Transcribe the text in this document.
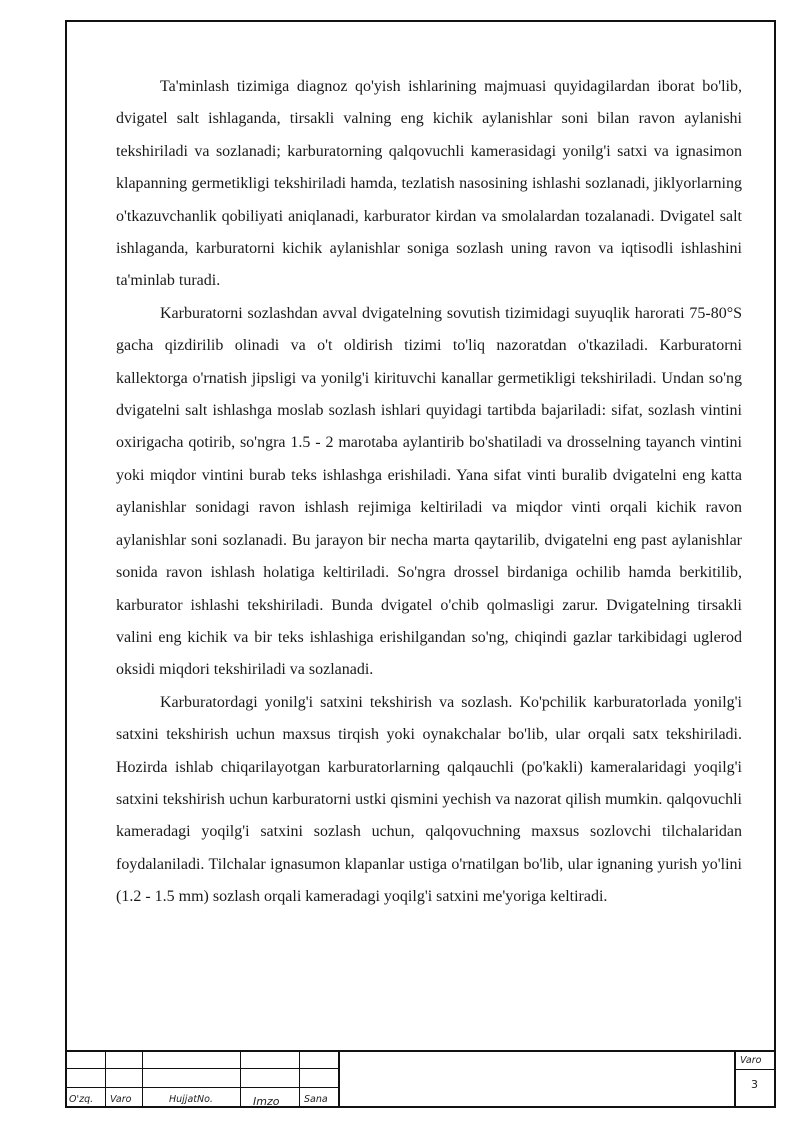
Ta'minlash tizimiga diagnoz qo'yish ishlarining majmuasi quyidagilardan iborat bo'lib, dvigatel salt ishlaganda, tirsakli valning eng kichik aylanishlar soni bilan ravon aylanishi tekshiriladi va sozlanadi; karburatorning qalqovuchli kamerasidagi yonilg'i satxi va ignasimon klapanning germetikligi tekshiriladi hamda, tezlatish nasosining ishlashi sozlanadi, jiklyorlarning o'tkazuvchanlik qobiliyati aniqlanadi, karburator kirdan va smolalardan tozalanadi. Dvigatel salt ishlaganda, karburatorni kichik aylanishlar soniga sozlash uning ravon va iqtisodli ishlashini ta'minlab turadi.

Karburatorni sozlashdan avval dvigatelning sovutish tizimidagi suyuqlik harorati 75-80°S gacha qizdirilib olinadi va o't oldirish tizimi to'liq nazoratdan o'tkaziladi. Karburatorni kallektorga o'rnatish jipsligi va yonilg'i kirituvchi kanallar germetikligi tekshiriladi. Undan so'ng dvigatelni salt ishlashga moslab sozlash ishlari quyidagi tartibda bajariladi: sifat, sozlash vintini oxirigacha qotirib, so'ngra 1.5 - 2 marotaba aylantirib bo'shatiladi va drosselning tayanch vintini yoki miqdor vintini burab teks ishlashga erishiladi. Yana sifat vinti buralib dvigatelni eng katta aylanishlar sonidagi ravon ishlash rejimiga keltiriladi va miqdor vinti orqali kichik ravon aylanishlar soni sozlanadi. Bu jarayon bir necha marta qaytarilib, dvigatelni eng past aylanishlar sonida ravon ishlash holatiga keltiriladi. So'ngra drossel birdaniga ochilib hamda berkitilib, karburator ishlashi tekshiriladi. Bunda dvigatel o'chib qolmasligi zarur. Dvigatelning tirsakli valini eng kichik va bir teks ishlashiga erishilgandan so'ng, chiqindi gazlar tarkibidagi uglerod oksidi miqdori tekshiriladi va sozlanadi.

Karburatordagi yonilg'i satxini tekshirish va sozlash. Ko'pchilik karburatorlada yonilg'i satxini tekshirish uchun maxsus tirqish yoki oynakchalar bo'lib, ular orqali satx tekshiriladi. Hozirda ishlab chiqarilayotgan karburatorlarning qalqauchli (po'kakli) kameralaridagi yoqilg'i satxini tekshirish uchun karburatorni ustki qismini yechish va nazorat qilish mumkin. qalqovuchli kameradagi yoqilg'i satxini sozlash uchun, qalqovuchning maxsus sozlovchi tilchalaridan foydalaniladi. Tilchalar ignasumon klapanlar ustiga o'rnatilgan bo'lib, ular ignaning yurish yo'lini (1.2 - 1.5 mm) sozlash orqali kameradagi yoqilg'i satxini me'yoriga keltiradi.

O'zq. Varo	HujjatNo.	Imzo	Sana
Varo
3
